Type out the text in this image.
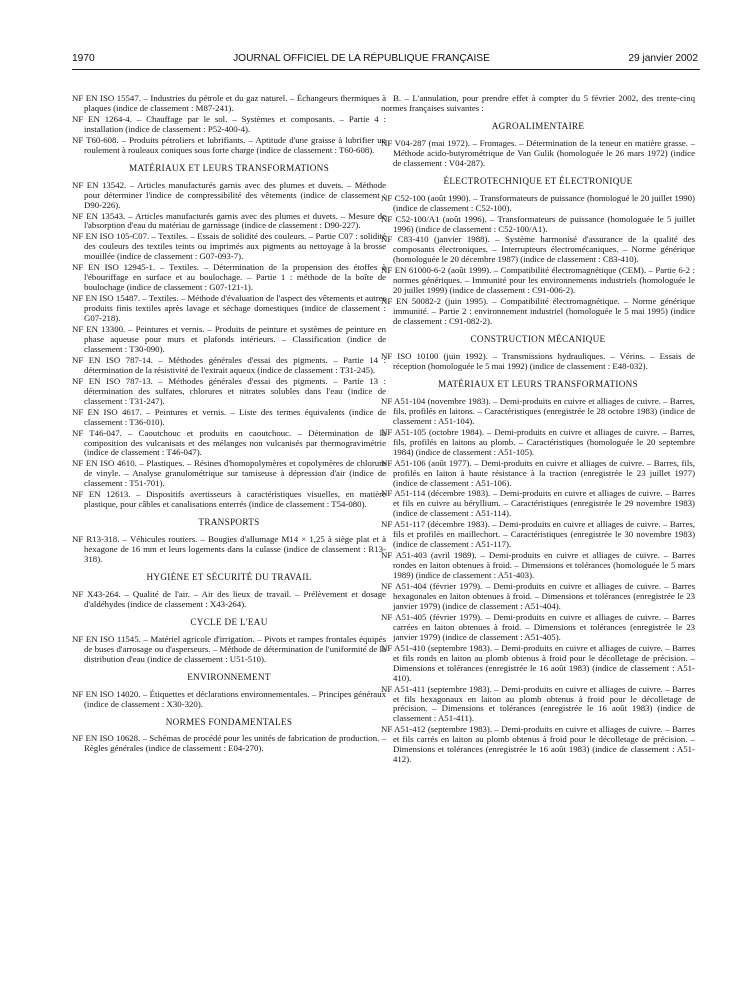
1970	JOURNAL OFFICIEL DE LA RÉPUBLIQUE FRANÇAISE	29 janvier 2002
NF EN ISO 15547. – Industries du pétrole et du gaz naturel. – Échangeurs thermiques à plaques (indice de classement : M87-241).
NF EN 1264-4. – Chauffage par le sol. – Systèmes et composants. – Partie 4 : installation (indice de classement : P52-400-4).
NF T60-608. – Produits pétroliers et lubrifiants. – Aptitude d'une graisse à lubrifier un roulement à rouleaux coniques sous forte charge (indice de classement : T60-608).
MATÉRIAUX ET LEURS TRANSFORMATIONS
NF EN 13542. – Articles manufacturés garnis avec des plumes et duvets. – Méthode pour déterminer l'indice de compressibilité des vêtements (indice de classement : D90-226).
NF EN 13543. – Articles manufacturés garnis avec des plumes et duvets. – Mesure de l'absorption d'eau du matériau de garnissage (indice de classement : D90-227).
NF EN ISO 105-C07. – Textiles. – Essais de solidité des couleurs. – Partie C07 : solidité des couleurs des textiles teints ou imprimés aux pigments au nettoyage à la brosse mouillée (indice de classement : G07-093-7).
NF EN ISO 12945-1. – Textiles. – Détermination de la propension des étoffes à l'ébouriffage en surface et au boulochage. – Partie 1 : méthode de la boîte de boulochage (indice de classement : G07-121-1).
NF EN ISO 15487. – Textiles. – Méthode d'évaluation de l'aspect des vêtements et autres produits finis textiles après lavage et séchage domestiques (indice de classement : G07-218).
NF EN 13300. – Peintures et vernis. – Produits de peinture et systèmes de peinture en phase aqueuse pour murs et plafonds intérieurs. – Classification (indice de classement : T30-090).
NF EN ISO 787-14. – Méthodes générales d'essai des pigments. – Partie 14 : détermination de la résistivité de l'extrait aqueux (indice de classement : T31-245).
NF EN ISO 787-13. – Méthodes générales d'essai des pigments. – Partie 13 : détermination des sulfates, chlorures et nitrates solubles dans l'eau (indice de classement : T31-247).
NF EN ISO 4617. – Peintures et vernis. – Liste des termes équivalents (indice de classement : T36-010).
NF T46-047. – Caoutchouc et produits en caoutchouc. – Détermination de la composition des vulcanisats et des mélanges non vulcanisés par thermogravimétrie (indice de classement : T46-047).
NF EN ISO 4610. – Plastiques. – Résines d'homopolymères et copolymères de chlorure de vinyle. – Analyse granulométrique sur tamiseuse à dépression d'air (indice de classement : T51-701).
NF EN 12613. – Dispositifs avertisseurs à caractéristiques visuelles, en matière plastique, pour câbles et canalisations enterrés (indice de classement : T54-080).
TRANSPORTS
NF R13-318. – Véhicules routiers. – Bougies d'allumage M14 × 1,25 à siège plat et à hexagone de 16 mm et leurs logements dans la culasse (indice de classement : R13-318).
HYGIÈNE ET SÉCURITÉ DU TRAVAIL
NF X43-264. – Qualité de l'air. – Air des lieux de travail. – Prélèvement et dosage d'aldéhydes (indice de classement : X43-264).
CYCLE DE L'EAU
NF EN ISO 11545. – Matériel agricole d'irrigation. – Pivots et rampes frontales équipés de buses d'arrosage ou d'asperseurs. – Méthode de détermination de l'uniformité de la distribution d'eau (indice de classement : U51-510).
ENVIRONNEMENT
NF EN ISO 14020. – Étiquettes et déclarations environnementales. – Principes généraux (indice de classement : X30-320).
NORMES FONDAMENTALES
NF EN ISO 10628. – Schémas de procédé pour les unités de fabrication de production. – Règles générales (indice de classement : E04-270).
B. – L'annulation, pour prendre effet à compter du 5 février 2002, des trente-cinq normes françaises suivantes :
AGROALIMENTAIRE
NF V04-287 (mai 1972). – Fromages. – Détermination de la teneur en matière grasse. – Méthode acido-butyrométrique de Van Gulik (homologuée le 26 mars 1972) (indice de classement : V04-287).
ÉLECTROTECHNIQUE ET ÉLECTRONIQUE
NF C52-100 (août 1990). – Transformateurs de puissance (homologué le 20 juillet 1990) (indice de classement : C52-100).
NF C52-100/A1 (août 1996). – Transformateurs de puissance (homologuée le 5 juillet 1996) (indice de classement : C52-100/A1).
NF C83-410 (janvier 1988). – Système harmonisé d'assurance de la qualité des composants électroniques. – Interrupteurs électromécaniques. – Norme générique (homologuée le 20 décembre 1987) (indice de classement : C83-410).
NF EN 61000-6-2 (août 1999). – Compatibilité électromagnétique (CEM). – Partie 6-2 : normes génériques. – Immunité pour les environnements industriels (homologuée le 20 juillet 1999) (indice de classement : C91-006-2).
NF EN 50082-2 (juin 1995). – Compatibilité électromagnétique. – Norme générique immunité. – Partie 2 : environnement industriel (homologuée le 5 mai 1995) (indice de classement : C91-082-2).
CONSTRUCTION MÉCANIQUE
NF ISO 10100 (juin 1992). – Transmissions hydrauliques. – Vérins. – Essais de réception (homologuée le 5 mai 1992) (indice de classement : E48-032).
MATÉRIAUX ET LEURS TRANSFORMATIONS
NF A51-104 (novembre 1983). – Demi-produits en cuivre et alliages de cuivre. – Barres, fils, profilés en laitons. – Caractéristiques (enregistrée le 28 octobre 1983) (indice de classement : A51-104).
NF A51-105 (octobre 1984). – Demi-produits en cuivre et alliages de cuivre. – Barres, fils, profilés en laitons au plomb. – Caractéristiques (homologuée le 20 septembre 1984) (indice de classement : A51-105).
NF A51-106 (août 1977). – Demi-produits en cuivre et alliages de cuivre. – Barres, fils, profilés en laiton à haute résistance à la traction (enregistrée le 23 juillet 1977) (indice de classement : A51-106).
NF A51-114 (décembre 1983). – Demi-produits en cuivre et alliages de cuivre. – Barres et fils en cuivre au béryllium. – Caractéristiques (enregistrée le 29 novembre 1983) (indice de classement : A51-114).
NF A51-117 (décembre 1983). – Demi-produits en cuivre et alliages de cuivre. – Barres, fils et profilés en maillechort. – Caractéristiques (enregistrée le 30 novembre 1983) (indice de classement : A51-117).
NF A51-403 (avril 1989). – Demi-produits en cuivre et alliages de cuivre. – Barres rondes en laiton obtenues à froid. – Dimensions et tolérances (homologuée le 5 mars 1989) (indice de classement : A51-403).
NF A51-404 (février 1979). – Demi-produits en cuivre et alliages de cuivre. – Barres hexagonales en laiton obtenues à froid. – Dimensions et tolérances (enregistrée le 23 janvier 1979) (indice de classement : A51-404).
NF A51-405 (février 1979). – Demi-produits en cuivre et alliages de cuivre. – Barres carrées en laiton obtenues à froid. – Dimensions et tolérances (enregistrée le 23 janvier 1979) (indice de classement : A51-405).
NF A51-410 (septembre 1983). – Demi-produits en cuivre et alliages de cuivre. – Barres et fils ronds en laiton au plomb obtenus à froid pour le décolletage de précision. – Dimensions et tolérances (enregistrée le 16 août 1983) (indice de classement : A51-410).
NF A51-411 (septembre 1983). – Demi-produits en cuivre et alliages de cuivre. – Barres et fils hexagonaux en laiton au plomb obtenus à froid pour le décolletage de précision. – Dimensions et tolérances (enregistrée le 16 août 1983) (indice de classement : A51-411).
NF A51-412 (septembre 1983). – Demi-produits en cuivre et alliages de cuivre. – Barres et fils carrés en laiton au plomb obtenus à froid pour le décolletage de précision. – Dimensions et tolérances (enregistrée le 16 août 1983) (indice de classement : A51-412).
